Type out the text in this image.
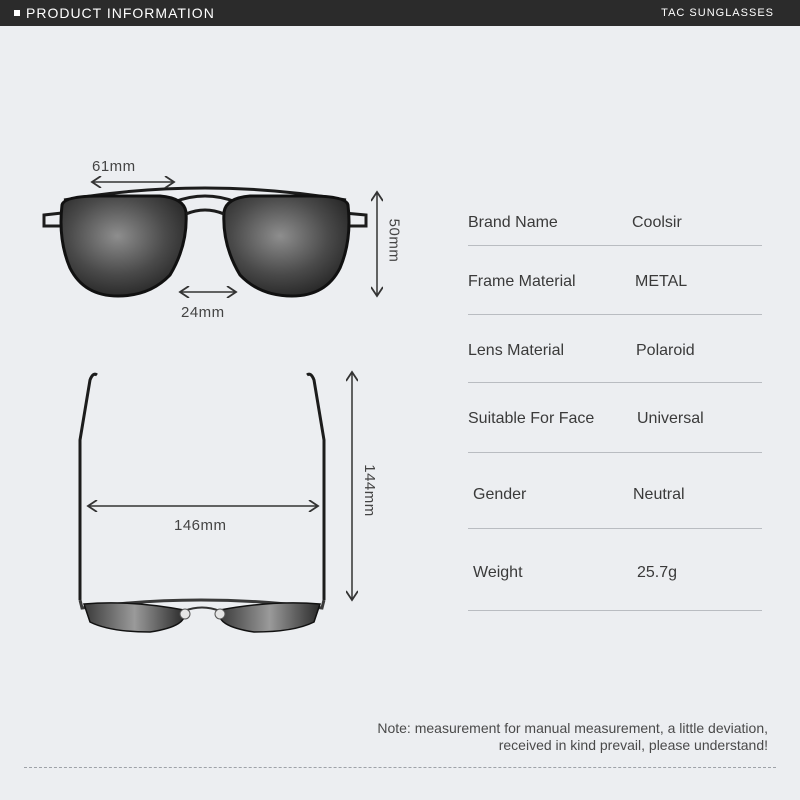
PRODUCT INFORMATION	TAC SUNGLASSES
61mm
24mm
50mm
146mm
144mm
Brand Name	Coolsir
Frame Material	METAL
Lens Material	Polaroid
Suitable For Face	Universal
Gender	Neutral
Weight	25.7g
Note: measurement for manual measurement, a little deviation,
received in kind prevail, please understand!
